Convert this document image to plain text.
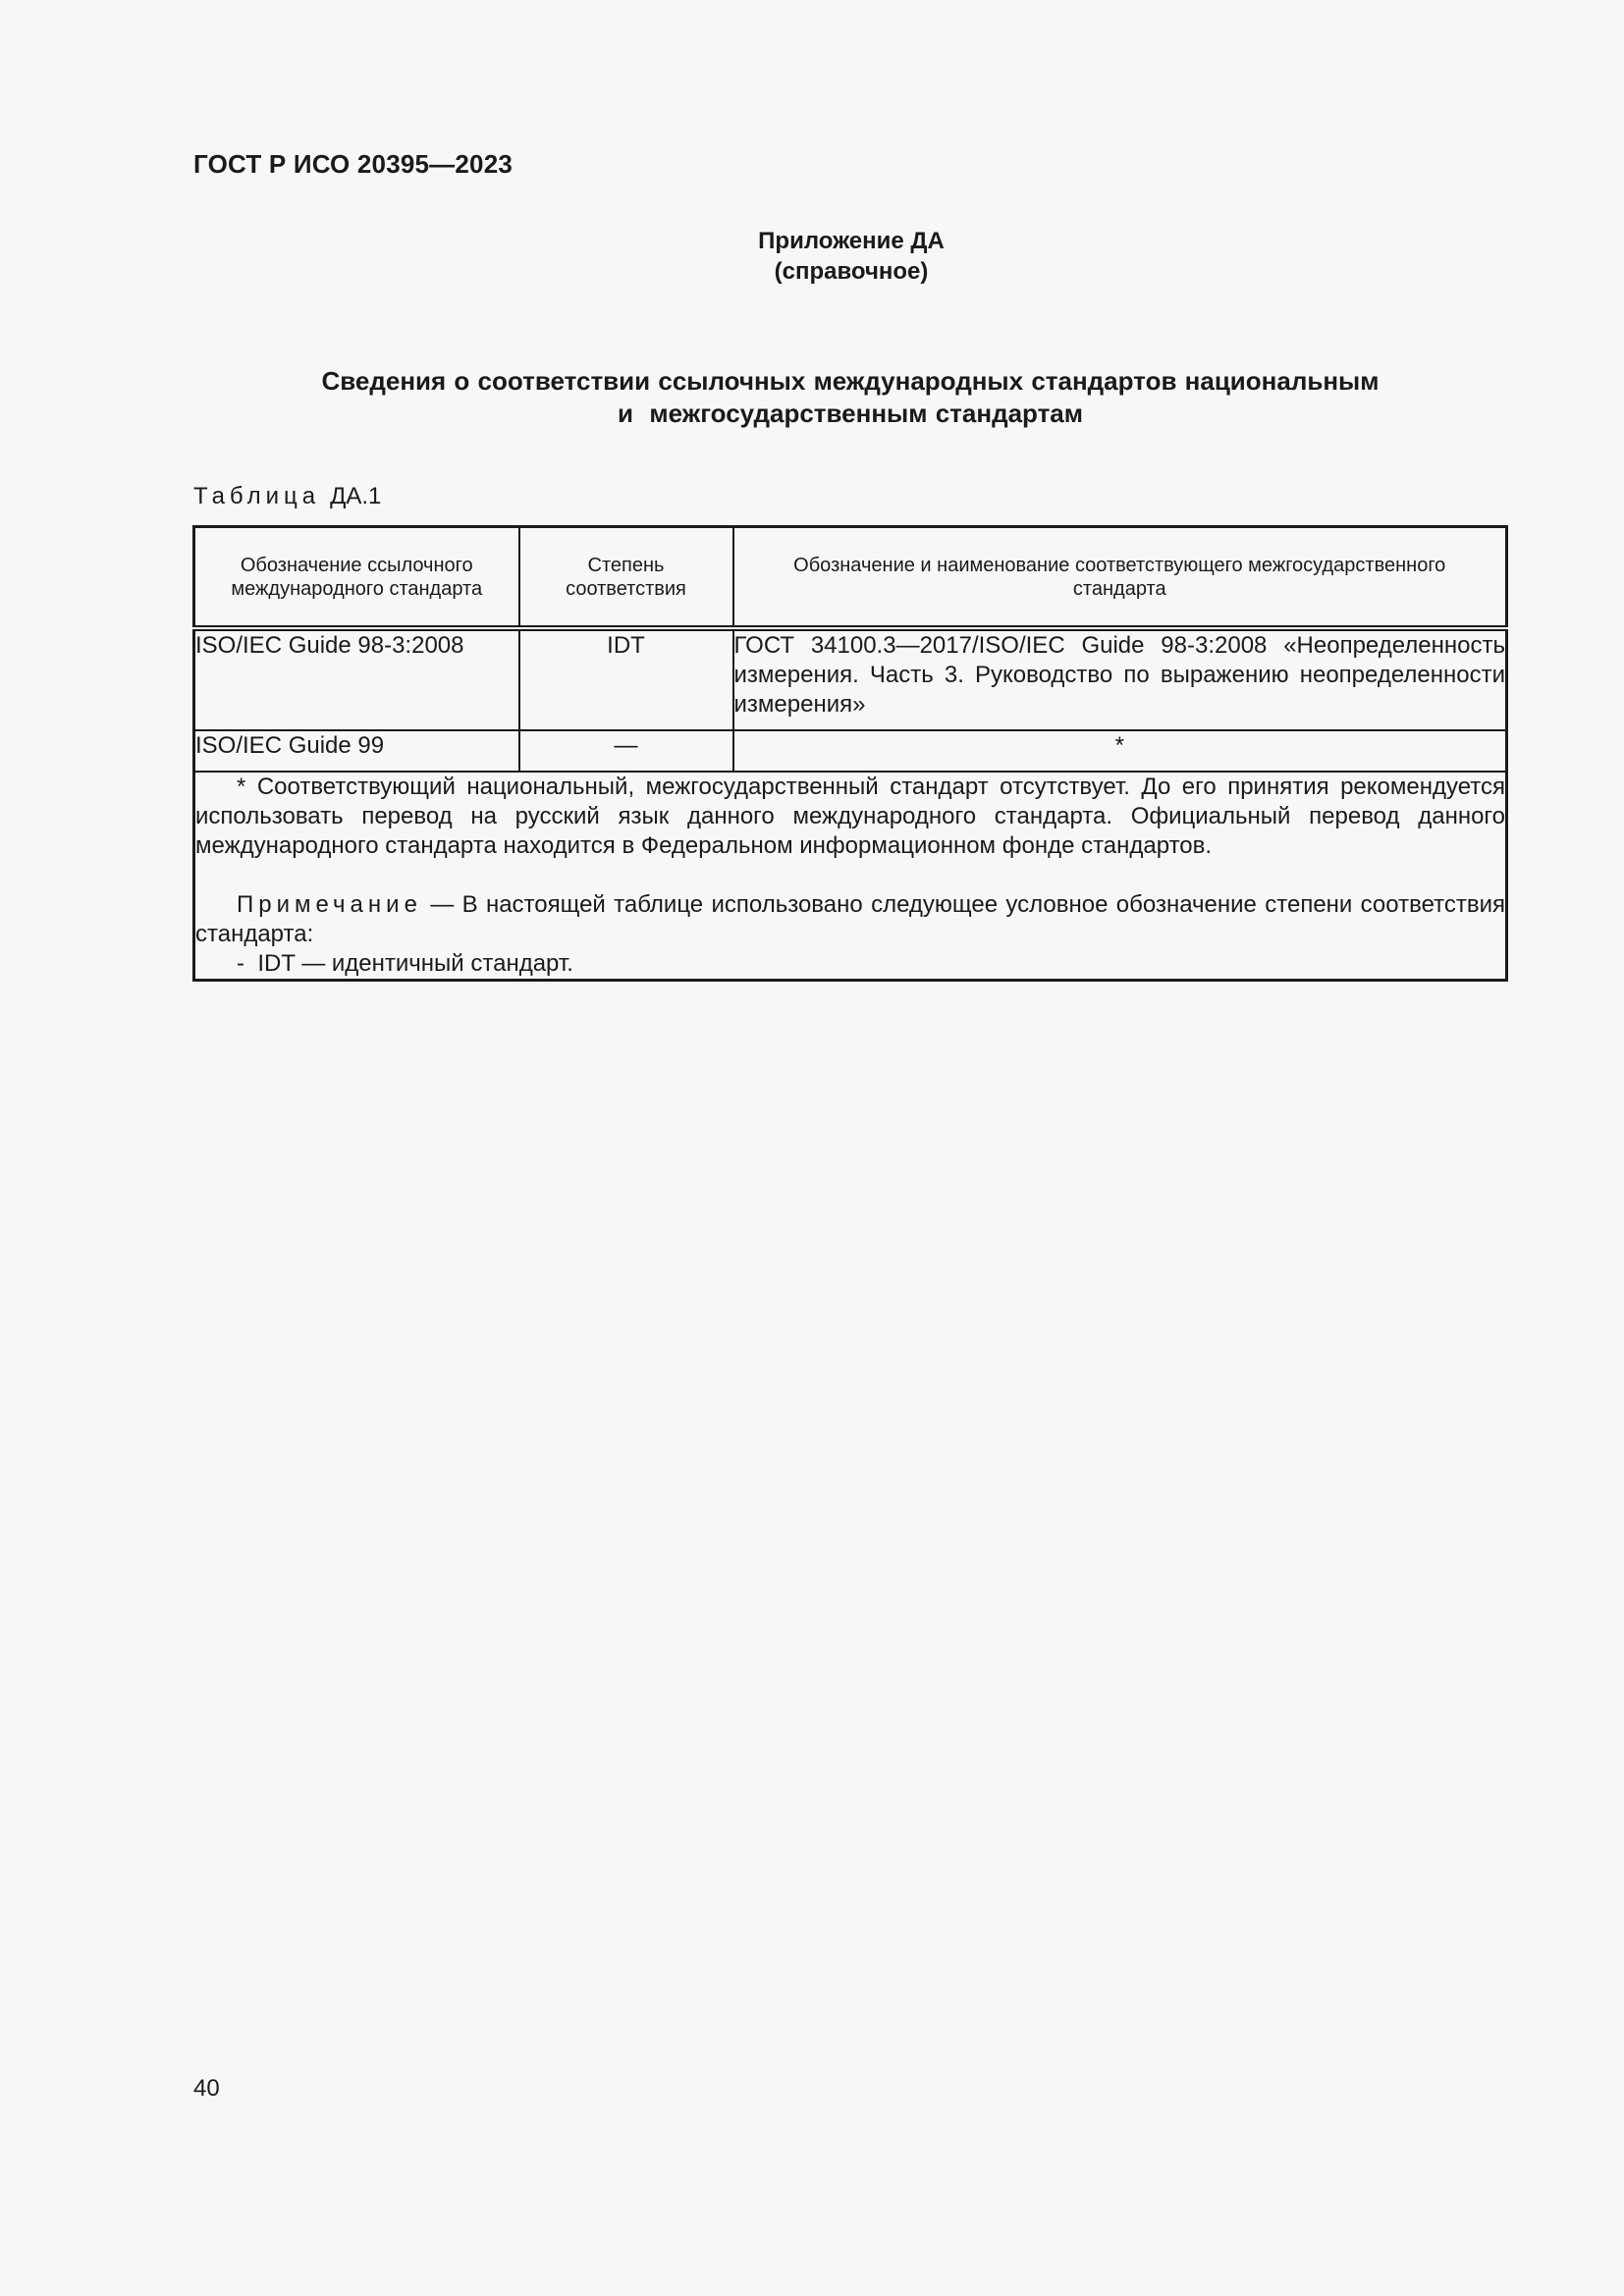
ГОСТ Р ИСО 20395—2023
Приложение ДА
(справочное)
Сведения о соответствии ссылочных международных стандартов национальным
и  межгосударственным стандартам
Таблица ДА.1
Обозначение ссылочного международного стандарта	Степень соответствия	Обозначение и наименование соответствующего межгосударственного стандарта
ISO/IEC Guide 98-3:2008	IDT	ГОСТ 34100.3—2017/ISO/IEC Guide 98-3:2008 «Неопределенность измерения. Часть 3. Руководство по выражению неопределенности измерения»
ISO/IEC Guide 99	—	*

* Соответствующий национальный, межгосударственный стандарт отсутствует. До его принятия рекомендуется использовать перевод на русский язык данного международного стандарта. Официальный перевод данного международного стандарта находится в Федеральном информационном фонде стандартов.
Примечание — В настоящей таблице использовано следующее условное обозначение степени соответствия стандарта:
-  IDT — идентичный стандарт.		
40
